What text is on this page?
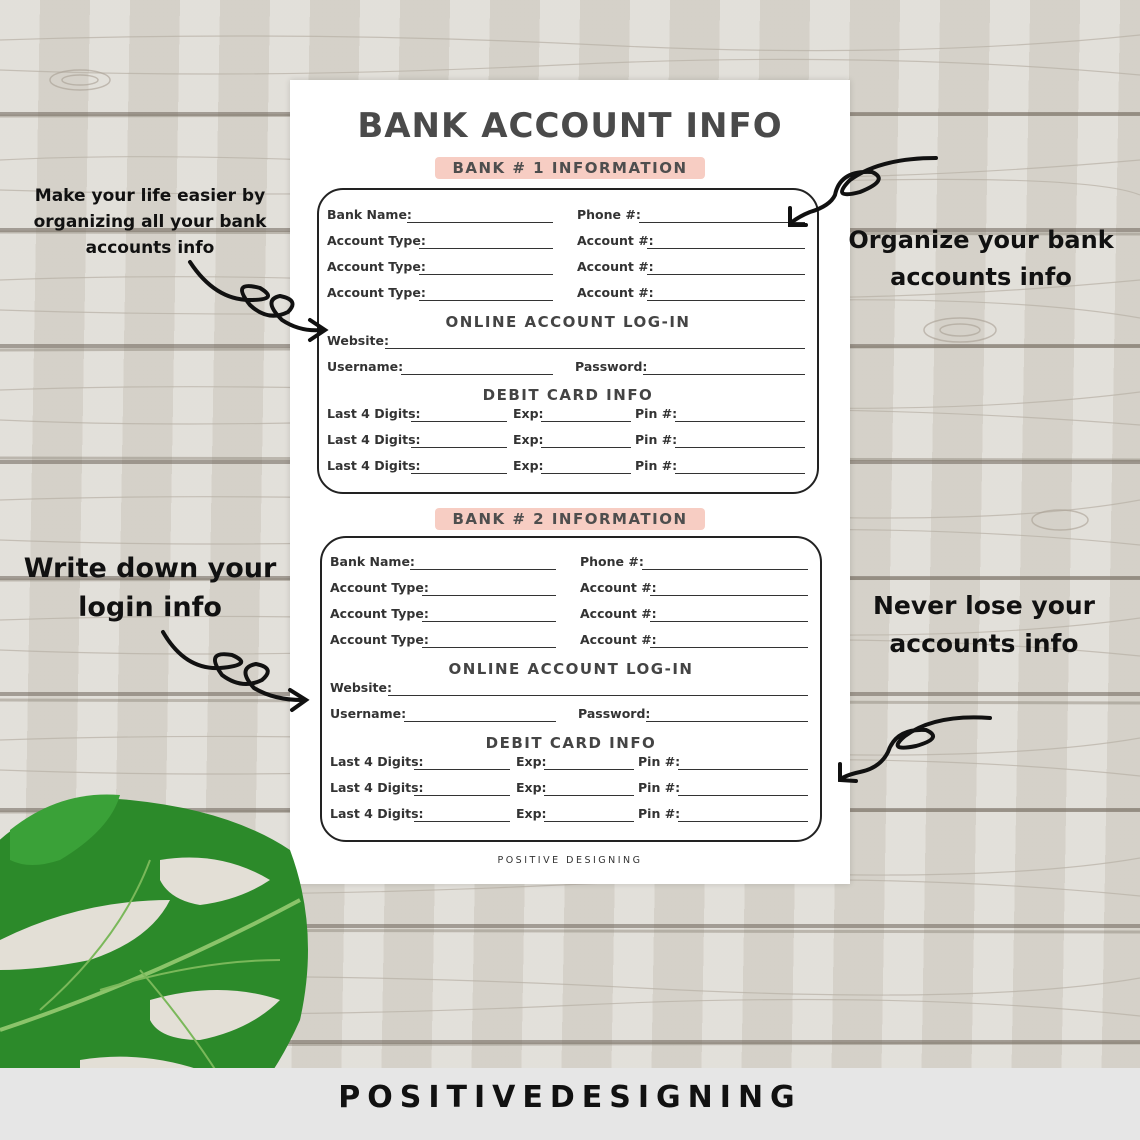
BANK ACCOUNT INFO
BANK # 1 INFORMATION
Bank Name:	Phone #:
Account Type:	Account #:
Account Type:	Account #:
Account Type:	Account #:
ONLINE ACCOUNT LOG-IN
Website:
Username:	Password:
DEBIT CARD INFO
Last 4 Digits:	Exp:	Pin #:
Last 4 Digits:	Exp:	Pin #:
Last 4 Digits:	Exp:	Pin #:
BANK # 2 INFORMATION
Bank Name:	Phone #:
Account Type:	Account #:
Account Type:	Account #:
Account Type:	Account #:
ONLINE ACCOUNT LOG-IN
Website:
Username:	Password:
DEBIT CARD INFO
Last 4 Digits:	Exp:	Pin #:
Last 4 Digits:	Exp:	Pin #:
Last 4 Digits:	Exp:	Pin #:
POSITIVE DESIGNING
Make your life easier by
organizing all your bank
accounts info	Organize your bank
accounts info
Write down your
login info	Never lose your
accounts info
POSITIVEDESIGNING
